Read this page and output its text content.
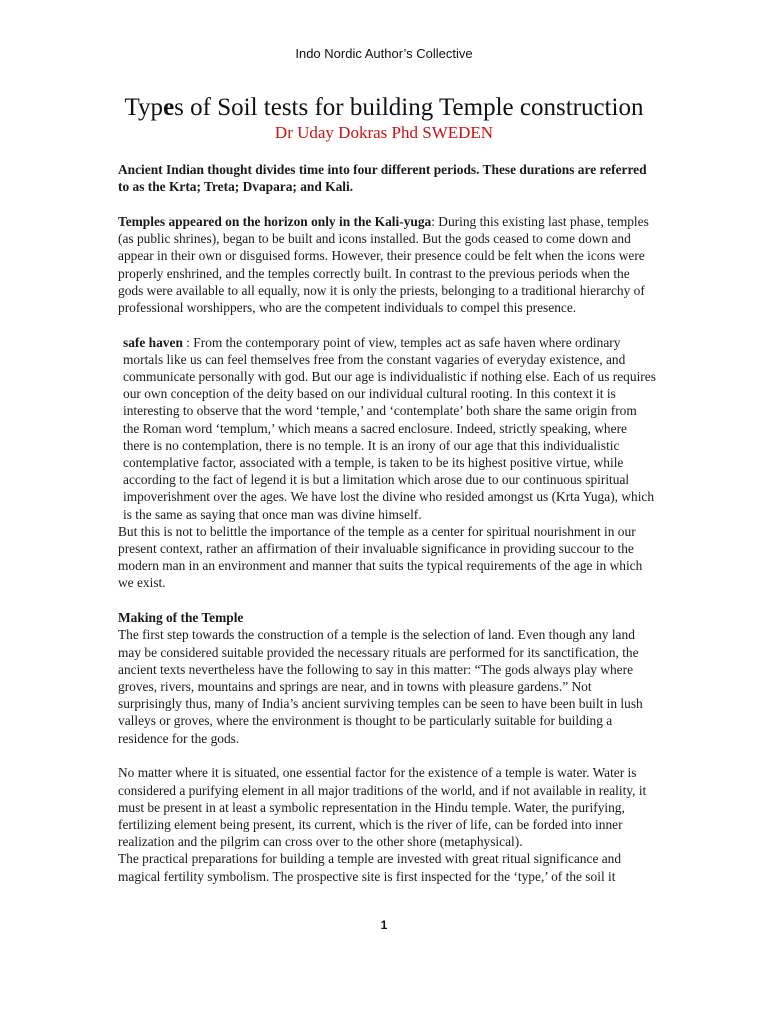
Indo Nordic Author’s Collective
Types of Soil tests for building Temple construction
Dr Uday Dokras Phd SWEDEN

Ancient Indian thought divides time into four different periods. These durations are referred to as the Krta; Treta; Dvapara; and Kali.

Temples appeared on the horizon only in the Kali-yuga: During this existing last phase, temples (as public shrines), began to be built and icons installed. But the gods ceased to come down and appear in their own or disguised forms. However, their presence could be felt when the icons were properly enshrined, and the temples correctly built. In contrast to the previous periods when the gods were available to all equally, now it is only the priests, belonging to a traditional hierarchy of professional worshippers, who are the competent individuals to compel this presence.

safe haven : From the contemporary point of view, temples act as safe haven where ordinary mortals like us can feel themselves free from the constant vagaries of everyday existence, and communicate personally with god. But our age is individualistic if nothing else. Each of us requires our own conception of the deity based on our individual cultural rooting. In this context it is interesting to observe that the word ‘temple,’ and ‘contemplate’ both share the same origin from the Roman word ‘templum,’ which means a sacred enclosure. Indeed, strictly speaking, where there is no contemplation, there is no temple. It is an irony of our age that this individualistic contemplative factor, associated with a temple, is taken to be its highest positive virtue, while according to the fact of legend it is but a limitation which arose due to our continuous spiritual impoverishment over the ages. We have lost the divine who resided amongst us (Krta Yuga), which is the same as saying that once man was divine himself.

But this is not to belittle the importance of the temple as a center for spiritual nourishment in our present context, rather an affirmation of their invaluable significance in providing succour to the modern man in an environment and manner that suits the typical requirements of the age in which we exist.

Making of the Temple

The first step towards the construction of a temple is the selection of land. Even though any land may be considered suitable provided the necessary rituals are performed for its sanctification, the ancient texts nevertheless have the following to say in this matter: “The gods always play where groves, rivers, mountains and springs are near, and in towns with pleasure gardens.” Not surprisingly thus, many of India’s ancient surviving temples can be seen to have been built in lush valleys or groves, where the environment is thought to be particularly suitable for building a residence for the gods.

No matter where it is situated, one essential factor for the existence of a temple is water. Water is considered a purifying element in all major traditions of the world, and if not available in reality, it must be present in at least a symbolic representation in the Hindu temple. Water, the purifying, fertilizing element being present, its current, which is the river of life, can be forded into inner realization and the pilgrim can cross over to the other shore (metaphysical).

The practical preparations for building a temple are invested with great ritual significance and magical fertility symbolism. The prospective site is first inspected for the ‘type,’ of the soil it

1
